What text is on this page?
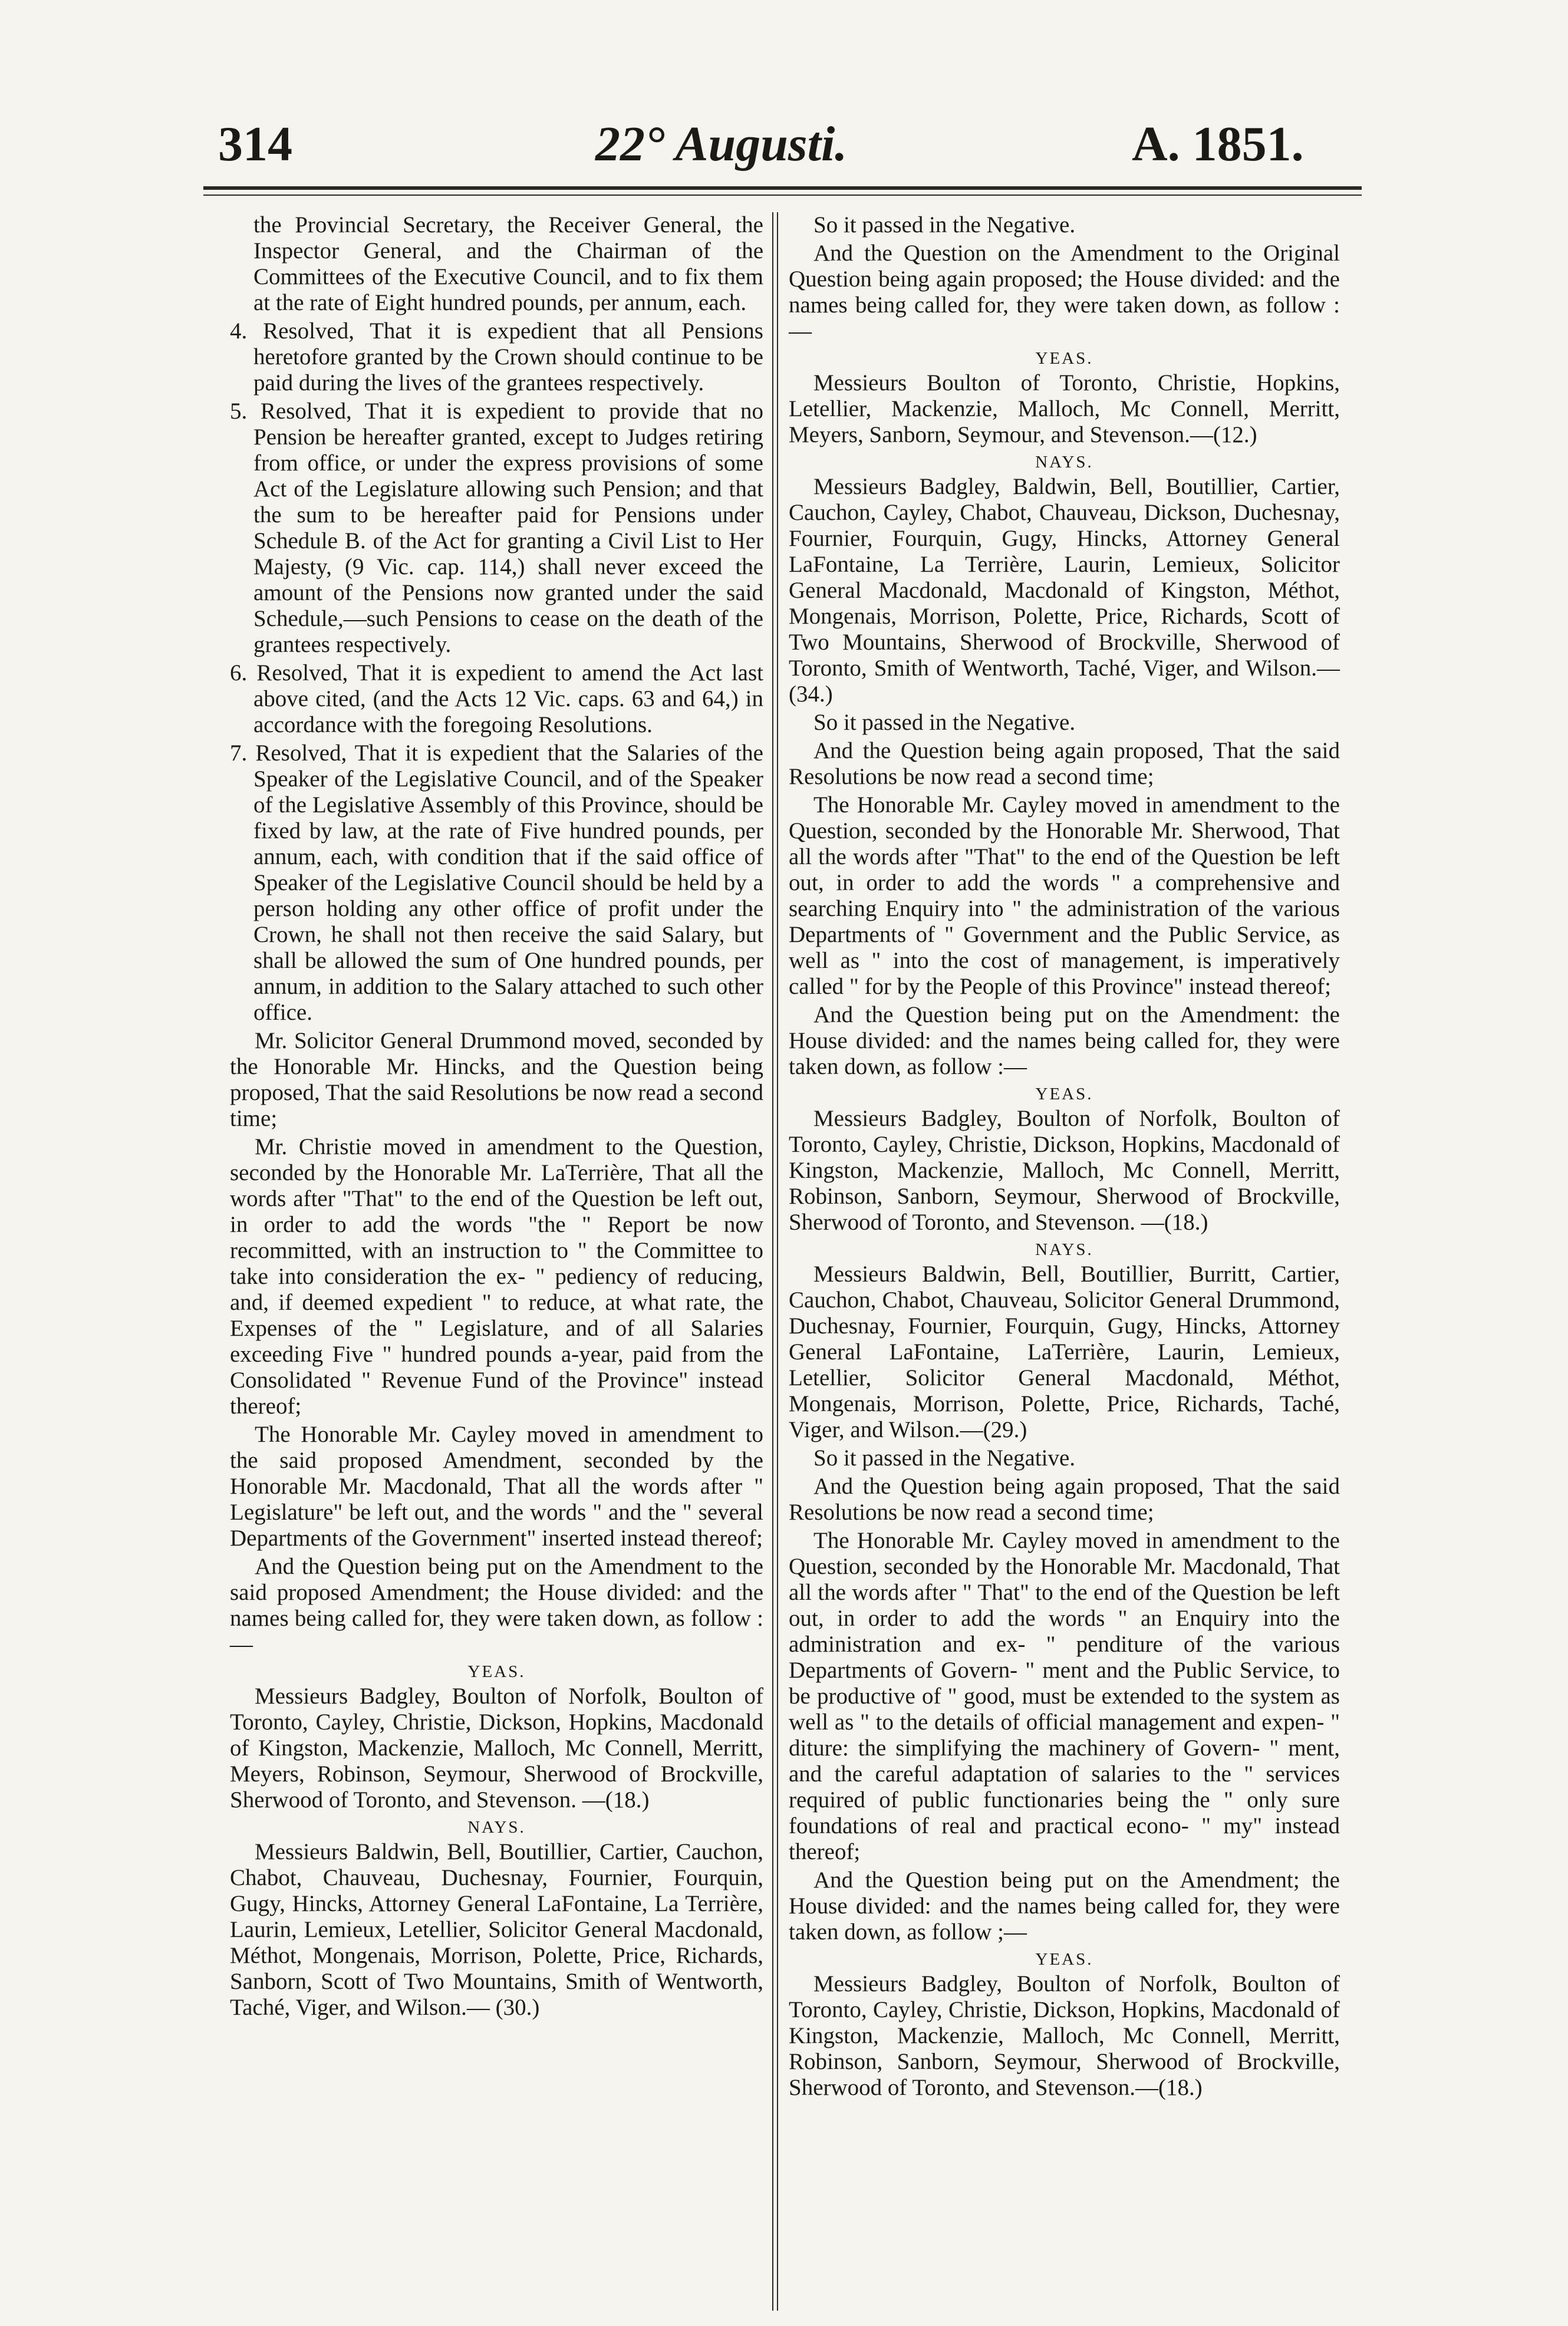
314	22° Augusti.	A. 1851.

the Provincial Secretary, the Receiver General, the Inspector General, and the Chairman of the Committees of the Executive Council, and to fix them at the rate of Eight hundred pounds, per annum, each.

4. Resolved, That it is expedient that all Pensions heretofore granted by the Crown should continue to be paid during the lives of the grantees respectively.

5. Resolved, That it is expedient to provide that no Pension be hereafter granted, except to Judges retiring from office, or under the express provisions of some Act of the Legislature allowing such Pension; and that the sum to be hereafter paid for Pensions under Schedule B. of the Act for granting a Civil List to Her Majesty, (9 Vic. cap. 114,) shall never exceed the amount of the Pensions now granted under the said Schedule,—such Pensions to cease on the death of the grantees respectively.

6. Resolved, That it is expedient to amend the Act last above cited, (and the Acts 12 Vic. caps. 63 and 64,) in accordance with the foregoing Resolutions.

7. Resolved, That it is expedient that the Salaries of the Speaker of the Legislative Council, and of the Speaker of the Legislative Assembly of this Province, should be fixed by law, at the rate of Five hundred pounds, per annum, each, with condition that if the said office of Speaker of the Legislative Council should be held by a person holding any other office of profit under the Crown, he shall not then receive the said Salary, but shall be allowed the sum of One hundred pounds, per annum, in addition to the Salary attached to such other office.

Mr. Solicitor General Drummond moved, seconded by the Honorable Mr. Hincks, and the Question being proposed, That the said Resolutions be now read a second time;

Mr. Christie moved in amendment to the Question, seconded by the Honorable Mr. LaTerrière, That all the words after "That" to the end of the Question be left out, in order to add the words "the " Report be now recommitted, with an instruction to " the Committee to take into consideration the ex- " pediency of reducing, and, if deemed expedient " to reduce, at what rate, the Expenses of the " Legislature, and of all Salaries exceeding Five " hundred pounds a-year, paid from the Consolidated " Revenue Fund of the Province" instead thereof;

The Honorable Mr. Cayley moved in amendment to the said proposed Amendment, seconded by the Honorable Mr. Macdonald, That all the words after " Legislature" be left out, and the words " and the " several Departments of the Government" inserted instead thereof;

And the Question being put on the Amendment to the said proposed Amendment; the House divided: and the names being called for, they were taken down, as follow :—

YEAS.

Messieurs Badgley, Boulton of Norfolk, Boulton of Toronto, Cayley, Christie, Dickson, Hopkins, Macdonald of Kingston, Mackenzie, Malloch, Mc Connell, Merritt, Meyers, Robinson, Seymour, Sherwood of Brockville, Sherwood of Toronto, and Stevenson. —(18.)

NAYS.

Messieurs Baldwin, Bell, Boutillier, Cartier, Cauchon, Chabot, Chauveau, Duchesnay, Fournier, Fourquin, Gugy, Hincks, Attorney General LaFontaine, La Terrière, Laurin, Lemieux, Letellier, Solicitor General Macdonald, Méthot, Mongenais, Morrison, Polette, Price, Richards, Sanborn, Scott of Two Mountains, Smith of Wentworth, Taché, Viger, and Wilson.— (30.)

So it passed in the Negative.

And the Question on the Amendment to the Original Question being again proposed; the House divided: and the names being called for, they were taken down, as follow :—

YEAS.

Messieurs Boulton of Toronto, Christie, Hopkins, Letellier, Mackenzie, Malloch, Mc Connell, Merritt, Meyers, Sanborn, Seymour, and Stevenson.—(12.)

NAYS.

Messieurs Badgley, Baldwin, Bell, Boutillier, Cartier, Cauchon, Cayley, Chabot, Chauveau, Dickson, Duchesnay, Fournier, Fourquin, Gugy, Hincks, Attorney General LaFontaine, La Terrière, Laurin, Lemieux, Solicitor General Macdonald, Macdonald of Kingston, Méthot, Mongenais, Morrison, Polette, Price, Richards, Scott of Two Mountains, Sherwood of Brockville, Sherwood of Toronto, Smith of Wentworth, Taché, Viger, and Wilson.—(34.)

So it passed in the Negative.

And the Question being again proposed, That the said Resolutions be now read a second time;

The Honorable Mr. Cayley moved in amendment to the Question, seconded by the Honorable Mr. Sherwood, That all the words after "That" to the end of the Question be left out, in order to add the words " a comprehensive and searching Enquiry into " the administration of the various Departments of " Government and the Public Service, as well as " into the cost of management, is imperatively called " for by the People of this Province" instead thereof;

And the Question being put on the Amendment: the House divided: and the names being called for, they were taken down, as follow :—

YEAS.

Messieurs Badgley, Boulton of Norfolk, Boulton of Toronto, Cayley, Christie, Dickson, Hopkins, Macdonald of Kingston, Mackenzie, Malloch, Mc Connell, Merritt, Robinson, Sanborn, Seymour, Sherwood of Brockville, Sherwood of Toronto, and Stevenson. —(18.)

NAYS.

Messieurs Baldwin, Bell, Boutillier, Burritt, Cartier, Cauchon, Chabot, Chauveau, Solicitor General Drummond, Duchesnay, Fournier, Fourquin, Gugy, Hincks, Attorney General LaFontaine, LaTerrière, Laurin, Lemieux, Letellier, Solicitor General Macdonald, Méthot, Mongenais, Morrison, Polette, Price, Richards, Taché, Viger, and Wilson.—(29.)

So it passed in the Negative.

And the Question being again proposed, That the said Resolutions be now read a second time;

The Honorable Mr. Cayley moved in amendment to the Question, seconded by the Honorable Mr. Macdonald, That all the words after " That" to the end of the Question be left out, in order to add the words " an Enquiry into the administration and ex- " penditure of the various Departments of Govern- " ment and the Public Service, to be productive of " good, must be extended to the system as well as " to the details of official management and expen- " diture: the simplifying the machinery of Govern- " ment, and the careful adaptation of salaries to the " services required of public functionaries being the " only sure foundations of real and practical econo- " my" instead thereof;

And the Question being put on the Amendment; the House divided: and the names being called for, they were taken down, as follow ;—

YEAS.

Messieurs Badgley, Boulton of Norfolk, Boulton of Toronto, Cayley, Christie, Dickson, Hopkins, Macdonald of Kingston, Mackenzie, Malloch, Mc Connell, Merritt, Robinson, Sanborn, Seymour, Sherwood of Brockville, Sherwood of Toronto, and Stevenson.—(18.)
